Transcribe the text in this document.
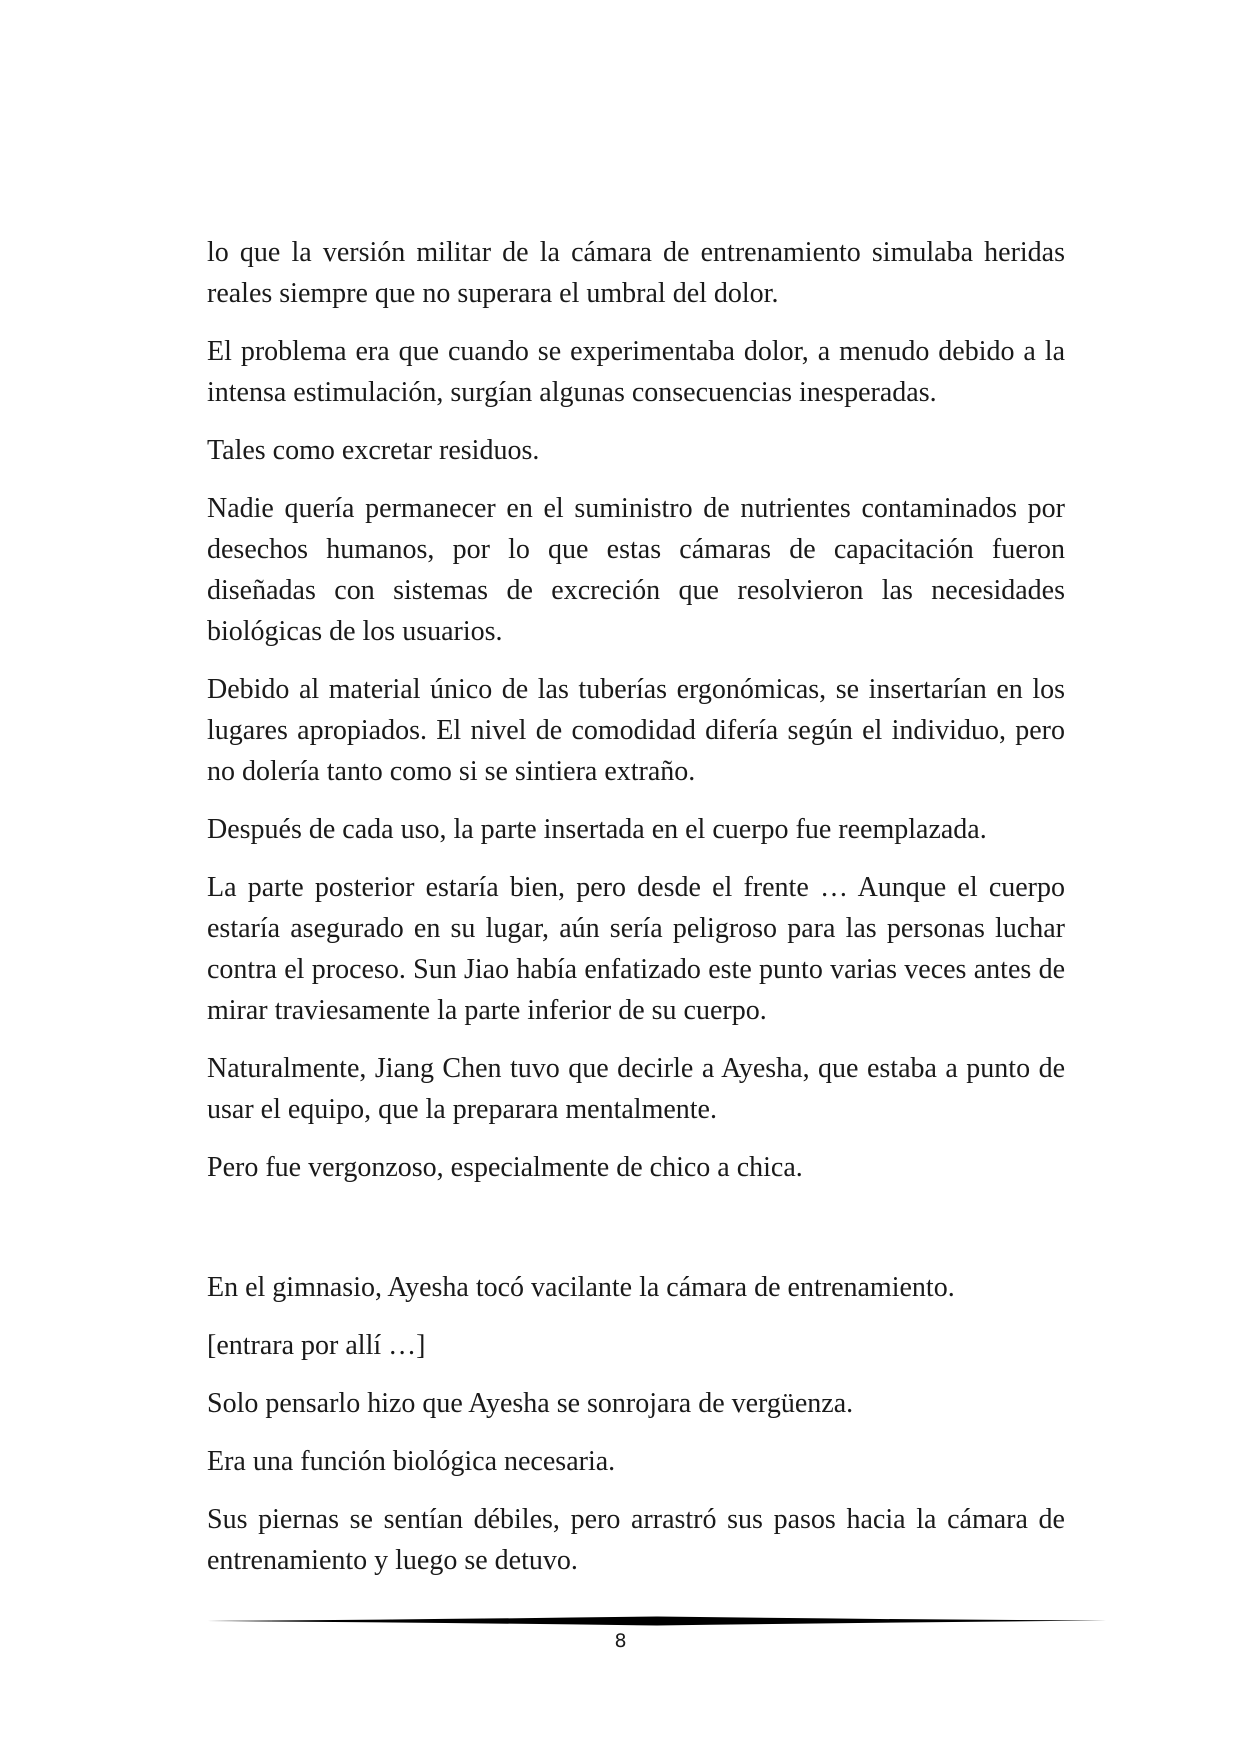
lo que la versión militar de la cámara de entrenamiento simulaba heridas reales siempre que no superara el umbral del dolor.

El problema era que cuando se experimentaba dolor, a menudo debido a la intensa estimulación, surgían algunas consecuencias inesperadas.

Tales como excretar residuos.

Nadie quería permanecer en el suministro de nutrientes contaminados por desechos humanos, por lo que estas cámaras de capacitación fueron diseñadas con sistemas de excreción que resolvieron las necesidades biológicas de los usuarios.

Debido al material único de las tuberías ergonómicas, se insertarían en los lugares apropiados. El nivel de comodidad difería según el individuo, pero no dolería tanto como si se sintiera extraño.

Después de cada uso, la parte insertada en el cuerpo fue reemplazada.

La parte posterior estaría bien, pero desde el frente … Aunque el cuerpo estaría asegurado en su lugar, aún sería peligroso para las personas luchar contra el proceso. Sun Jiao había enfatizado este punto varias veces antes de mirar traviesamente la parte inferior de su cuerpo.

Naturalmente, Jiang Chen tuvo que decirle a Ayesha, que estaba a punto de usar el equipo, que la preparara mentalmente.

Pero fue vergonzoso, especialmente de chico a chica.

En el gimnasio, Ayesha tocó vacilante la cámara de entrenamiento.

[entrara por allí …]

Solo pensarlo hizo que Ayesha se sonrojara de vergüenza.

Era una función biológica necesaria.

Sus piernas se sentían débiles, pero arrastró sus pasos hacia la cámara de entrenamiento y luego se detuvo.

8
